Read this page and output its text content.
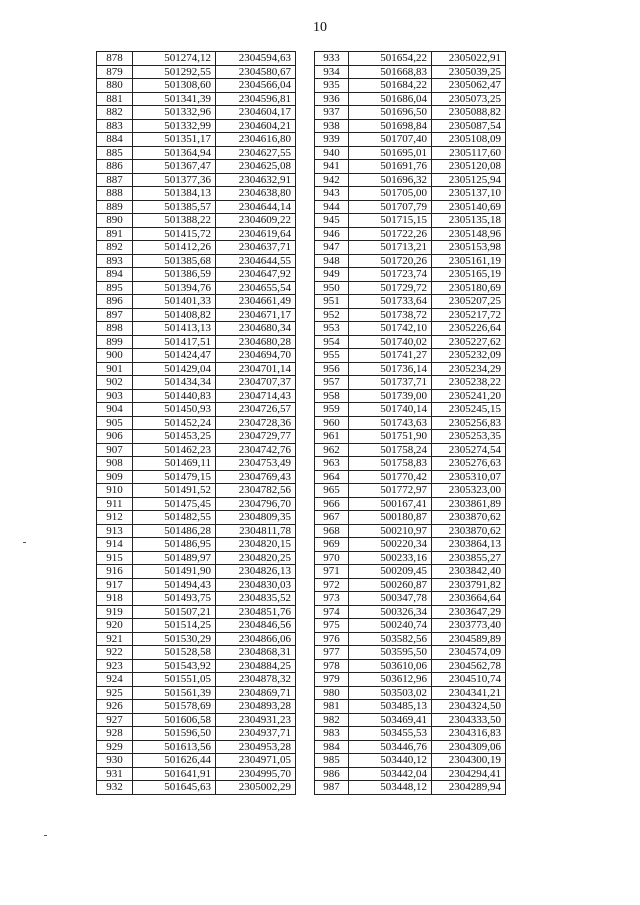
10
878	501274,12	2304594,63
879	501292,55	2304580,67
880	501308,60	2304566,04
881	501341,39	2304596,81
882	501332,96	2304604,17
883	501332,99	2304604,21
884	501351,17	2304616,80
885	501364,94	2304627,55
886	501367,47	2304625,08
887	501377,36	2304632,91
888	501384,13	2304638,80
889	501385,57	2304644,14
890	501388,22	2304609,22
891	501415,72	2304619,64
892	501412,26	2304637,71
893	501385,68	2304644,55
894	501386,59	2304647,92
895	501394,76	2304655,54
896	501401,33	2304661,49
897	501408,82	2304671,17
898	501413,13	2304680,34
899	501417,51	2304680,28
900	501424,47	2304694,70
901	501429,04	2304701,14
902	501434,34	2304707,37
903	501440,83	2304714,43
904	501450,93	2304726,57
905	501452,24	2304728,36
906	501453,25	2304729,77
907	501462,23	2304742,76
908	501469,11	2304753,49
909	501479,15	2304769,43
910	501491,52	2304782,56
911	501475,45	2304796,70
912	501482,55	2304809,35
913	501486,28	2304811,78
914	501486,95	2304820,15
915	501489,97	2304820,25
916	501491,90	2304826,13
917	501494,43	2304830,03
918	501493,75	2304835,52
919	501507,21	2304851,76
920	501514,25	2304846,56
921	501530,29	2304866,06
922	501528,58	2304868,31
923	501543,92	2304884,25
924	501551,05	2304878,32
925	501561,39	2304869,71
926	501578,69	2304893,28
927	501606,58	2304931,23
928	501596,50	2304937,71
929	501613,56	2304953,28
930	501626,44	2304971,05
931	501641,91	2304995,70
932	501645,63	2305002,29
933	501654,22	2305022,91
934	501668,83	2305039,25
935	501684,22	2305062,47
936	501686,04	2305073,25
937	501696,50	2305088,82
938	501698,84	2305087,54
939	501707,40	2305108,09
940	501695,01	2305117,60
941	501691,76	2305120,08
942	501696,32	2305125,94
943	501705,00	2305137,10
944	501707,79	2305140,69
945	501715,15	2305135,18
946	501722,26	2305148,96
947	501713,21	2305153,98
948	501720,26	2305161,19
949	501723,74	2305165,19
950	501729,72	2305180,69
951	501733,64	2305207,25
952	501738,72	2305217,72
953	501742,10	2305226,64
954	501740,02	2305227,62
955	501741,27	2305232,09
956	501736,14	2305234,29
957	501737,71	2305238,22
958	501739,00	2305241,20
959	501740,14	2305245,15
960	501743,63	2305256,83
961	501751,90	2305253,35
962	501758,24	2305274,54
963	501758,83	2305276,63
964	501770,42	2305310,07
965	501772,97	2305323,00
966	500167,41	2303861,89
967	500180,87	2303870,62
968	500210,97	2303870,62
969	500220,34	2303864,13
970	500233,16	2303855,27
971	500209,45	2303842,40
972	500260,87	2303791,82
973	500347,78	2303664,64
974	500326,34	2303647,29
975	500240,74	2303773,40
976	503582,56	2304589,89
977	503595,50	2304574,09
978	503610,06	2304562,78
979	503612,96	2304510,74
980	503503,02	2304341,21
981	503485,13	2304324,50
982	503469,41	2304333,50
983	503455,53	2304316,83
984	503446,76	2304309,06
985	503440,12	2304300,19
986	503442,04	2304294,41
987	503448,12	2304289,94
